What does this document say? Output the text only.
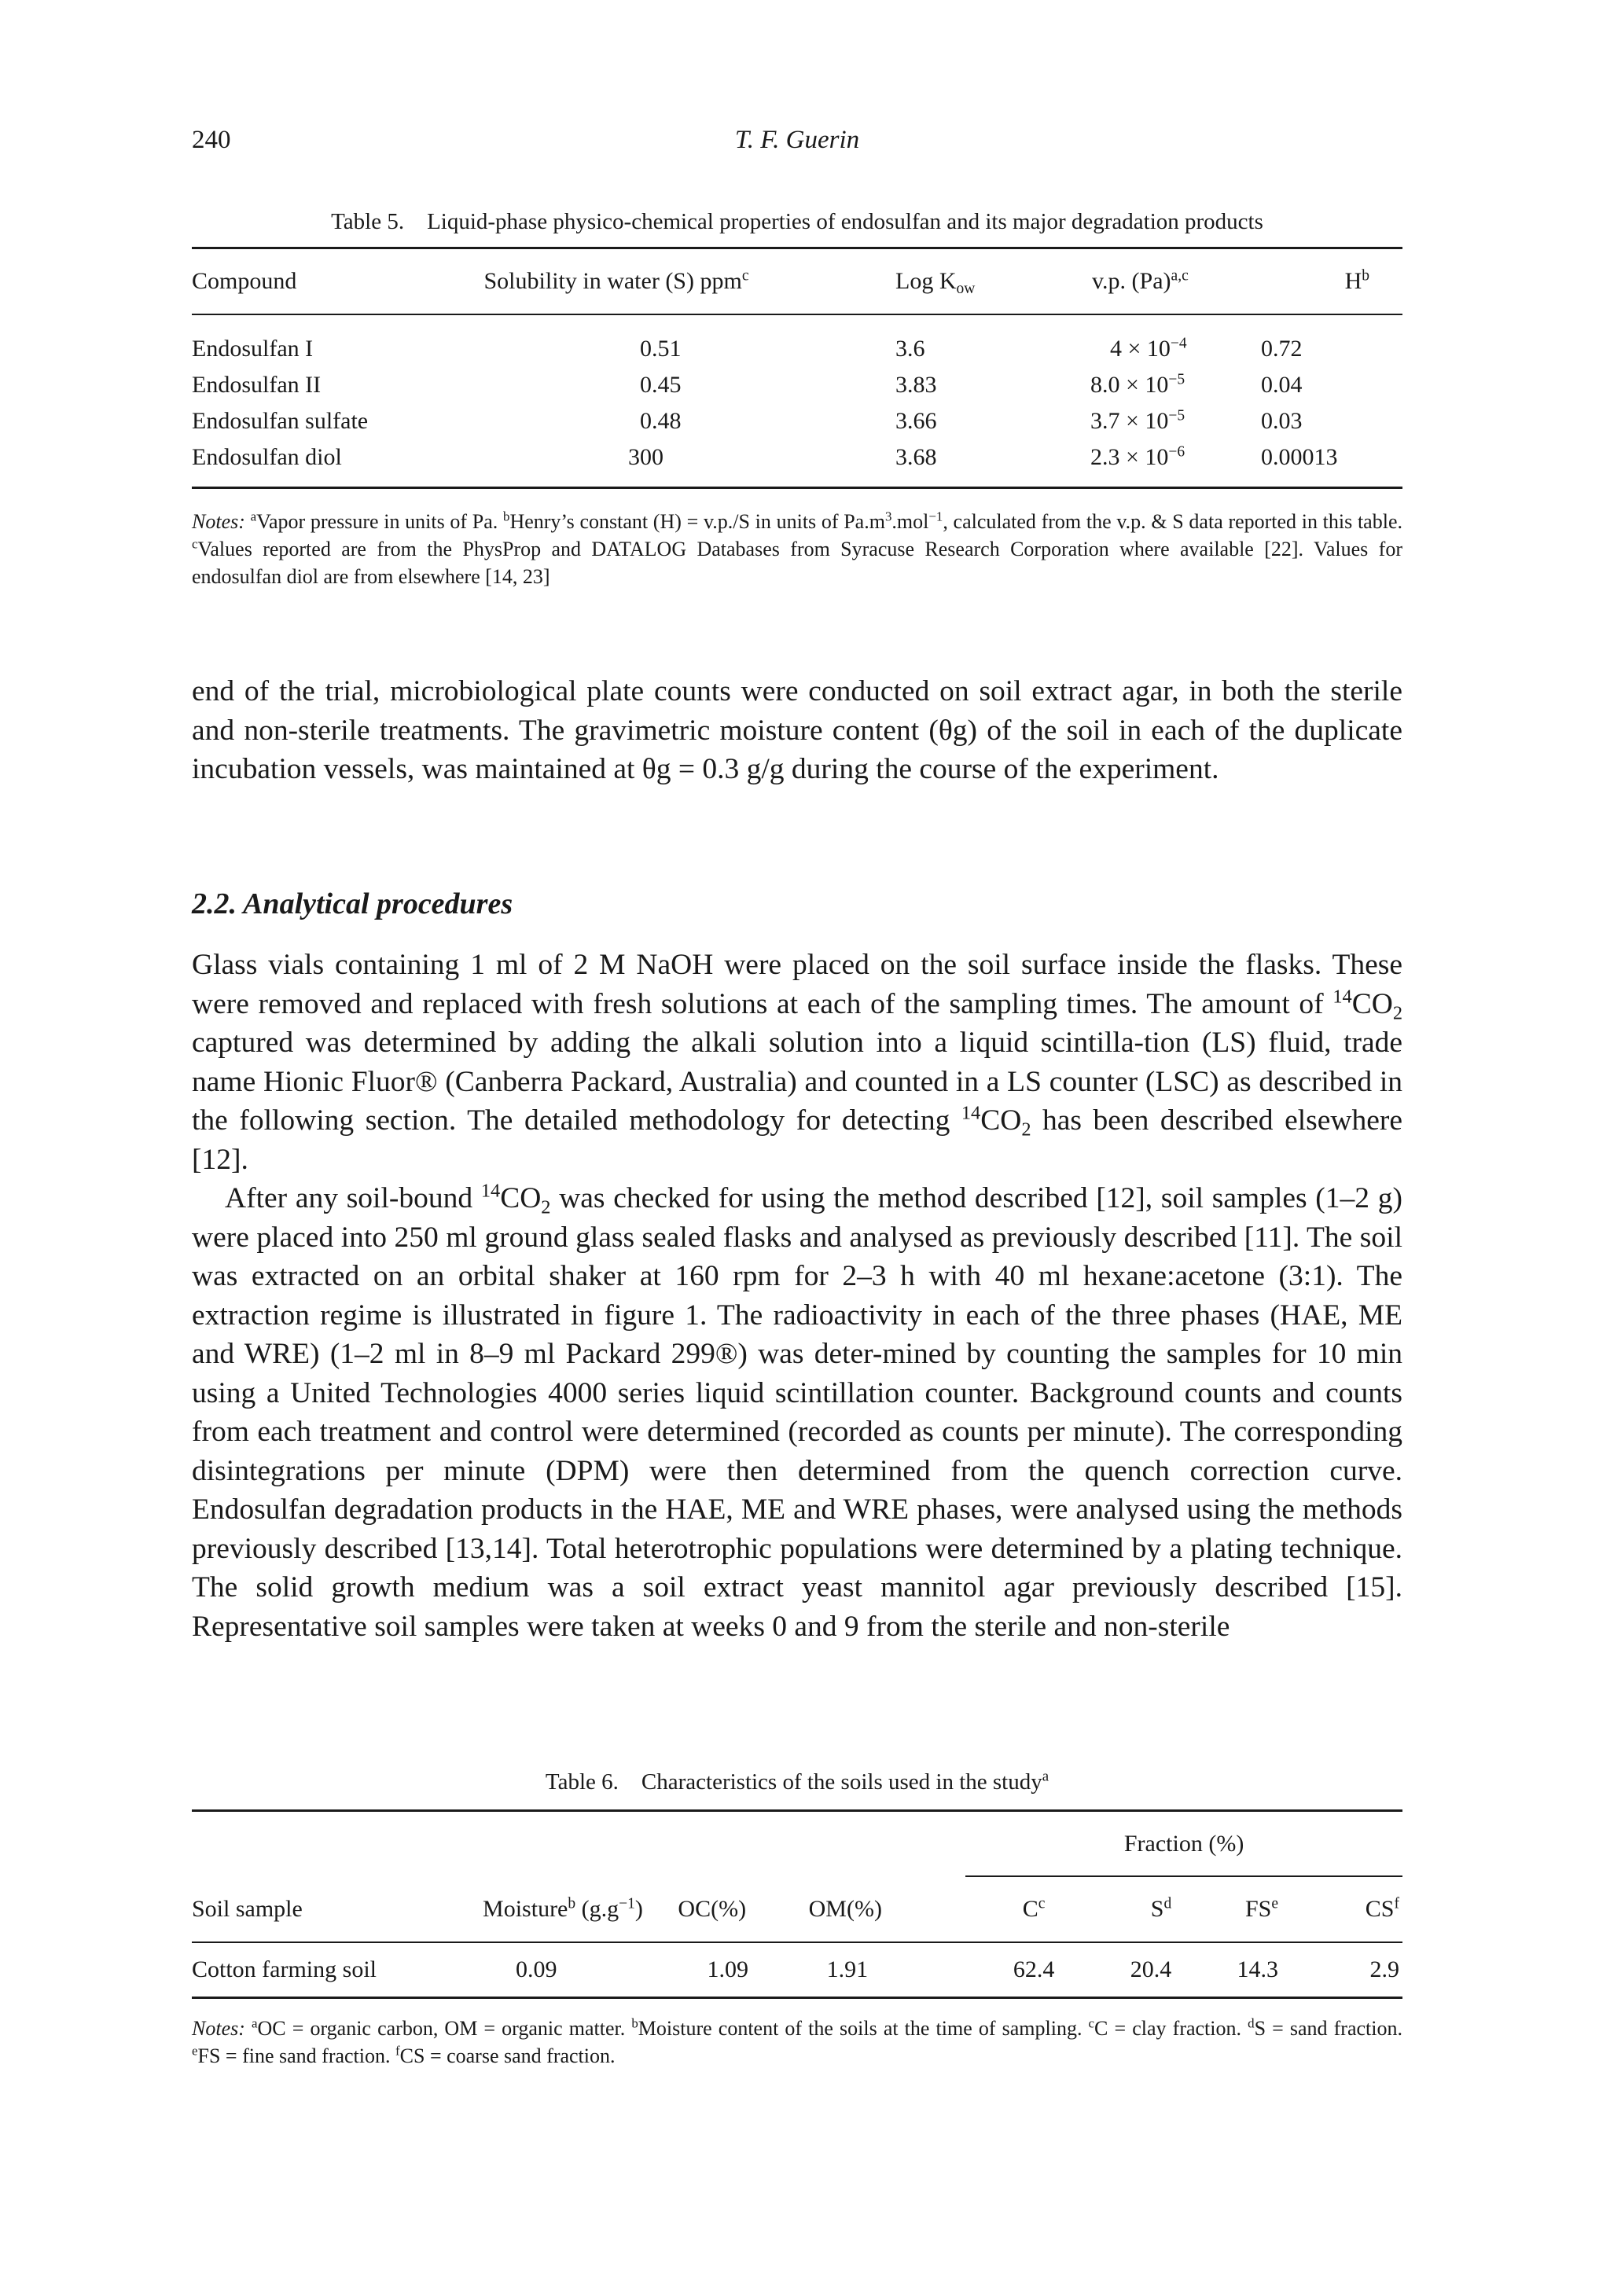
240	T. F. Guerin
Table 5. Liquid-phase physico-chemical properties of endosulfan and its major degradation products
Compound	Solubility in water (S) ppm$^c$	Log $K_{ow}$	v.p. $(Pa)^{a,c}$	$H^b$

Endosulfan I	0.51	3.6	$4 \times 10^{-4}$	0.72
Endosulfan II	0.45	3.83	$8.0 \times 10^{-5}$	0.04
Endosulfan sulfate	0.48	3.66	$3.7 \times 10^{-5}$	0.03
Endosulfan diol	300	3.68	$2.3 \times 10^{-6}$	0.00013

Notes: $^a$Vapor pressure in units of Pa. $^b$Henry’s constant (H) = v.p./S in units of $Pa.m^3.mol^{-1}$, calculated from the v.p. & S data reported in this table. $^c$Values reported are from the PhysProp and DATALOG Databases from Syracuse Research Corporation where available [22]. Values for endosulfan diol are from elsewhere [14, 23]

end of the trial, microbiological plate counts were conducted on soil extract agar, in both the sterile and non-sterile treatments. The gravimetric moisture content (θg) of the soil in each of the duplicate incubation vessels, was maintained at θg = 0.3 g/g during the course of the experiment.

2.2. Analytical procedures

Glass vials containing 1 ml of 2 M NaOH were placed on the soil surface inside the flasks. These were removed and replaced with fresh solutions at each of the sampling times. The amount of $^{14}CO_2$ captured was determined by adding the alkali solution into a liquid scintilla-tion (LS) fluid, trade name Hionic Fluor® (Canberra Packard, Australia) and counted in a LS counter (LSC) as described in the following section. The detailed methodology for detecting $^{14}CO_2$ has been described elsewhere [12].

After any soil-bound $^{14}CO_2$ was checked for using the method described [12], soil samples (1–2 g) were placed into 250 ml ground glass sealed flasks and analysed as previously described [11]. The soil was extracted on an orbital shaker at 160 rpm for 2–3 h with 40 ml hexane:acetone (3:1). The extraction regime is illustrated in figure 1. The radioactivity in each of the three phases (HAE, ME and WRE) (1–2 ml in 8–9 ml Packard 299®) was deter-mined by counting the samples for 10 min using a United Technologies 4000 series liquid scintillation counter. Background counts and counts from each treatment and control were determined (recorded as counts per minute). The corresponding disintegrations per minute (DPM) were then determined from the quench correction curve. Endosulfan degradation products in the HAE, ME and WRE phases, were analysed using the methods previously described [13,14]. Total heterotrophic populations were determined by a plating technique. The solid growth medium was a soil extract yeast mannitol agar previously described [15]. Representative soil samples were taken at weeks 0 and 9 from the sterile and non-sterile

Table 6. Characteristics of the soils used in the study$^a$
				Fraction (%)			
Soil sample	Moisture$^b$ $(g.g^{-1})$	OC(%)	OM(%)	$C^c$	$S^d$	$FS^e$	$CS^f$

Cotton farming soil	0.09	1.09	1.91	62.4	20.4	14.3	2.9
Notes: $^a$OC = organic carbon, OM = organic matter. $^b$Moisture content of the soils at the time of sampling. $^c$C = clay fraction. $^d$S = sand fraction. $^e$FS = fine sand fraction. $^f$CS = coarse sand fraction.
